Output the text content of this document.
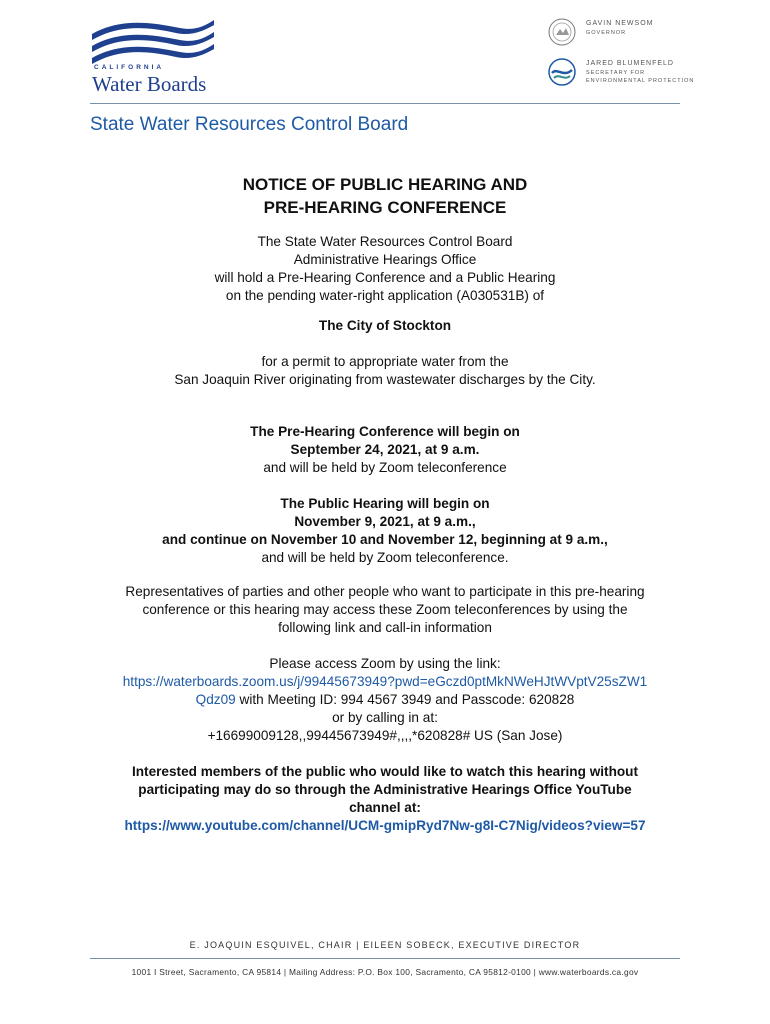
CALIFORNIA
Water Boards
GAVIN NEWSOM
GOVERNOR
JARED BLUMENFELD
SECRETARY FOR ENVIRONMENTAL PROTECTION
State Water Resources Control Board
NOTICE OF PUBLIC HEARING AND
PRE-HEARING CONFERENCE

The State Water Resources Control Board

Administrative Hearings Office

will hold a Pre-Hearing Conference and a Public Hearing

on the pending water-right application (A030531B) of

The City of Stockton

for a permit to appropriate water from the

San Joaquin River originating from wastewater discharges by the City.

The Pre-Hearing Conference will begin on

September 24, 2021, at 9 a.m.

and will be held by Zoom teleconference

The Public Hearing will begin on

November 9, 2021, at 9 a.m.,

and continue on November 10 and November 12, beginning at 9 a.m.,

and will be held by Zoom teleconference.

Representatives of parties and other people who want to participate in this pre-hearing

conference or this hearing may access these Zoom teleconferences by using the

following link and call-in information

Please access Zoom by using the link:

https://waterboards.zoom.us/j/99445673949?pwd=eGczd0ptMkNWeHJtWVptV25sZW1

Qdz09 with Meeting ID: 994 4567 3949 and Passcode: 620828

or by calling in at:

+16699009128,,99445673949#,,,,*620828# US (San Jose)

Interested members of the public who would like to watch this hearing without

participating may do so through the Administrative Hearings Office YouTube

channel at:

https://www.youtube.com/channel/UCM-gmipRyd7Nw-g8I-C7Nig/videos?view=57

E. JOAQUIN ESQUIVEL, CHAIR | EILEEN SOBECK, EXECUTIVE DIRECTOR
1001 I Street, Sacramento, CA 95814 | Mailing Address: P.O. Box 100, Sacramento, CA 95812-0100 | www.waterboards.ca.gov
